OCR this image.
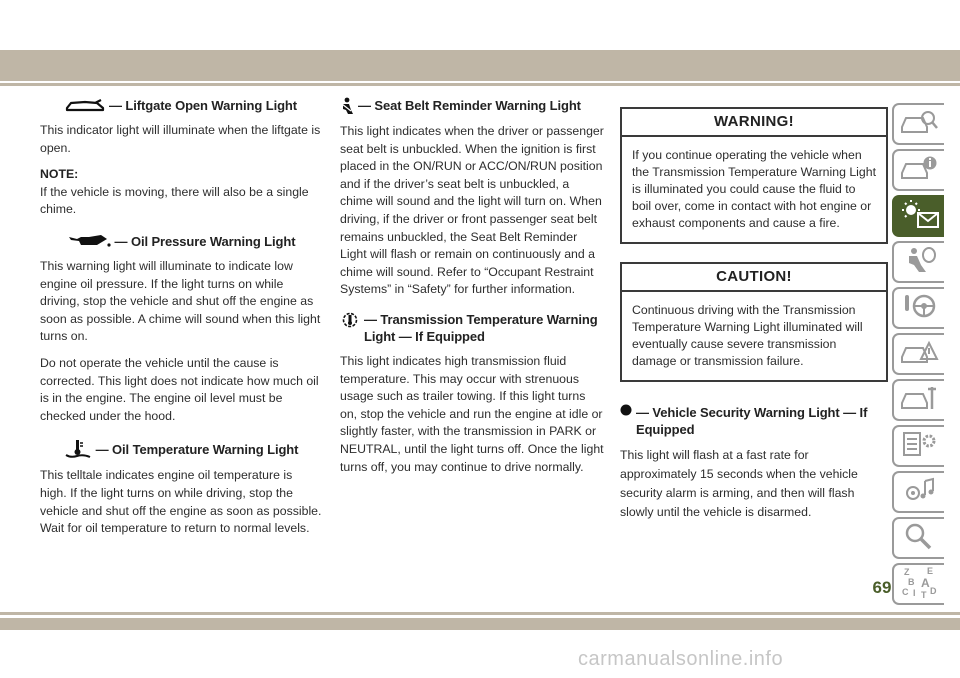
— Liftgate Open Warning Light

This indicator light will illuminate when the liftgate is open.

NOTE:

If the vehicle is moving, there will also be a single chime.

— Oil Pressure Warning Light

This warning light will illuminate to indicate low engine oil pressure. If the light turns on while driving, stop the vehicle and shut off the engine as soon as possible. A chime will sound when this light turns on.

Do not operate the vehicle until the cause is corrected. This light does not indicate how much oil is in the engine. The engine oil level must be checked under the hood.

— Oil Temperature Warning Light

This telltale indicates engine oil temperature is high. If the light turns on while driving, stop the vehicle and shut off the engine as soon as possible. Wait for oil temperature to return to normal levels.

— Seat Belt Reminder Warning Light

This light indicates when the driver or passenger seat belt is unbuckled. When the ignition is first placed in the ON/RUN or ACC/ON/RUN position and if the driver’s seat belt is unbuckled, a chime will sound and the light will turn on. When driving, if the driver or front passenger seat belt remains unbuckled, the Seat Belt Reminder Light will flash or remain on continuously and a chime will sound. Refer to “Occupant Restraint Systems” in “Safety” for further information.

— Transmission Temperature Warning Light — If Equipped

This light indicates high transmission fluid temperature. This may occur with strenuous usage such as trailer towing. If this light turns on, stop the vehicle and run the engine at idle or slightly faster, with the transmission in PARK or NEUTRAL, until the light turns off. Once the light turns off, you may continue to drive normally.

WARNING!
If you continue operating the vehicle when the Transmission Temperature Warning Light is illuminated you could cause the fluid to boil over, come in contact with hot engine or exhaust components and cause a fire.
CAUTION!
Continuous driving with the Transmission Temperature Warning Light illuminated will eventually cause severe transmission damage or transmission failure.
— Vehicle Security Warning Light — If Equipped

This light will flash at a fast rate for approximately 15 seconds when the vehicle security alarm is arming, and then will flash slowly until the vehicle is disarmed.

Z E
B A
C D
I T
69
carmanualsonline.info
